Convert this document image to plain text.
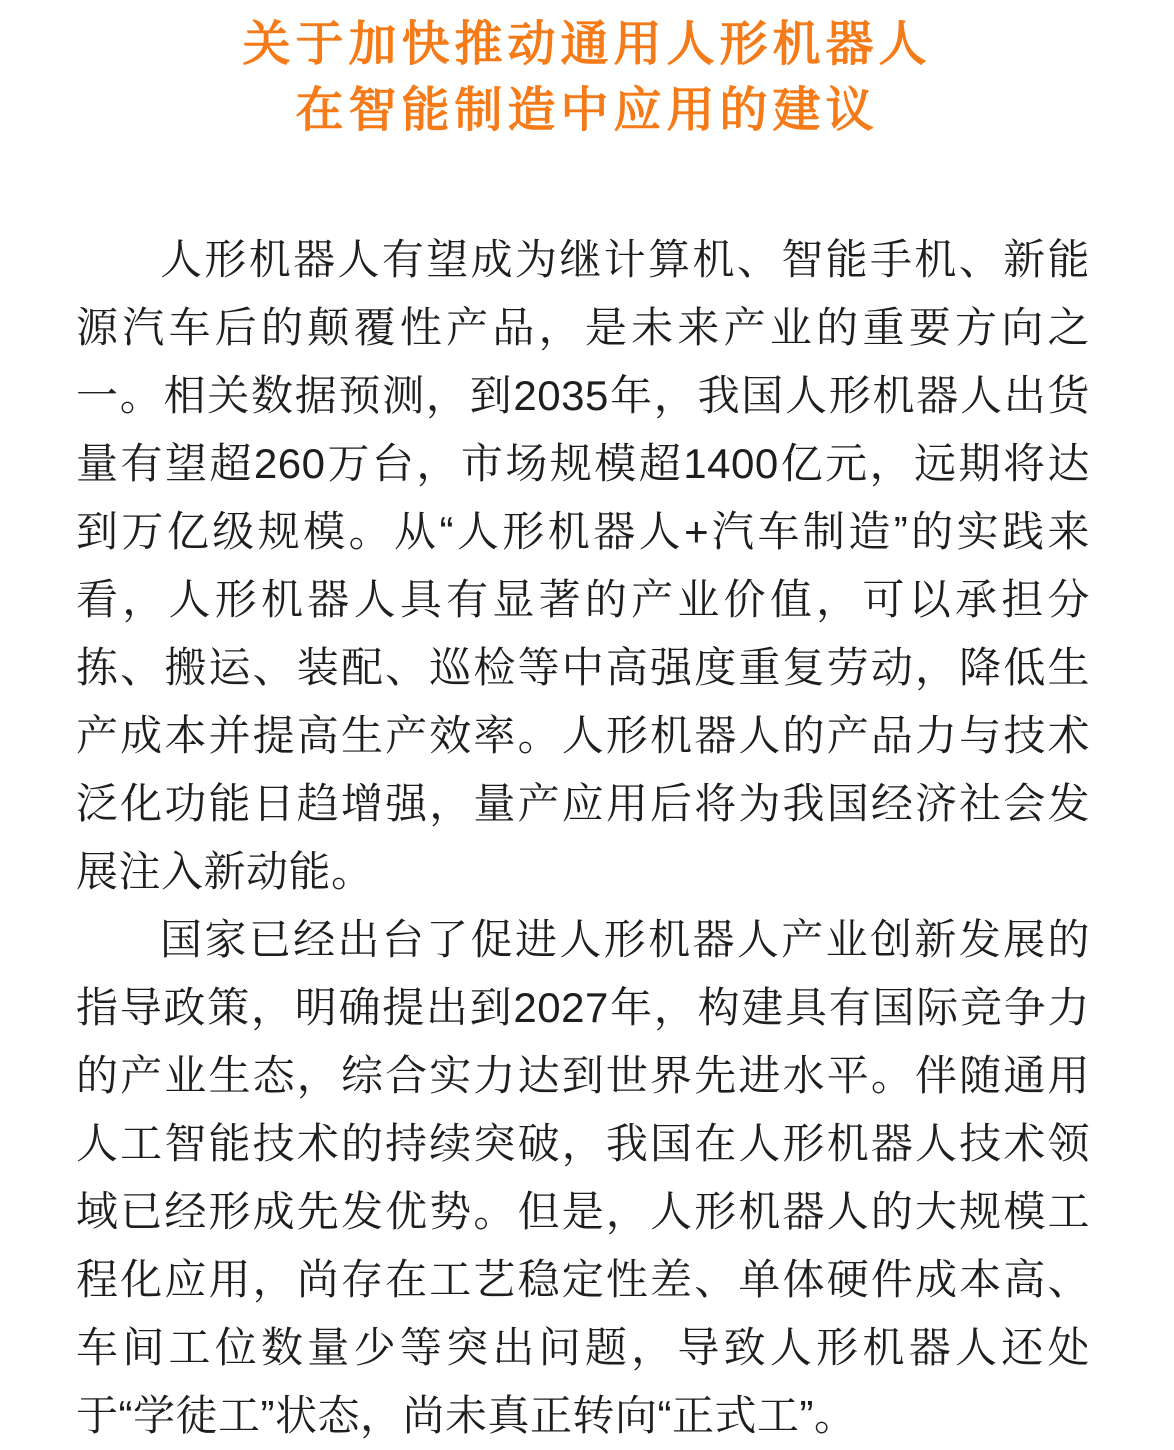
关于加快推动通用人形机器人
在智能制造中应用的建议

人形机器人有望成为继计算机、智能手机、新能源汽车后的颠覆性产品，是未来产业的重要方向之一。相关数据预测，到2035年，我国人形机器人出货量有望超260万台，市场规模超1400亿元，远期将达到万亿级规模。从“人形机器人+汽车制造”的实践来看，人形机器人具有显著的产业价值，可以承担分拣、搬运、装配、巡检等中高强度重复劳动，降低生产成本并提高生产效率。人形机器人的产品力与技术泛化功能日趋增强，量产应用后将为我国经济社会发展注入新动能。

国家已经出台了促进人形机器人产业创新发展的指导政策，明确提出到2027年，构建具有国际竞争力的产业生态，综合实力达到世界先进水平。伴随通用人工智能技术的持续突破，我国在人形机器人技术领域已经形成先发优势。但是，人形机器人的大规模工程化应用，尚存在工艺稳定性差、单体硬件成本高、车间工位数量少等突出问题，导致人形机器人还处于“学徒工”状态，尚未真正转向“正式工”。
